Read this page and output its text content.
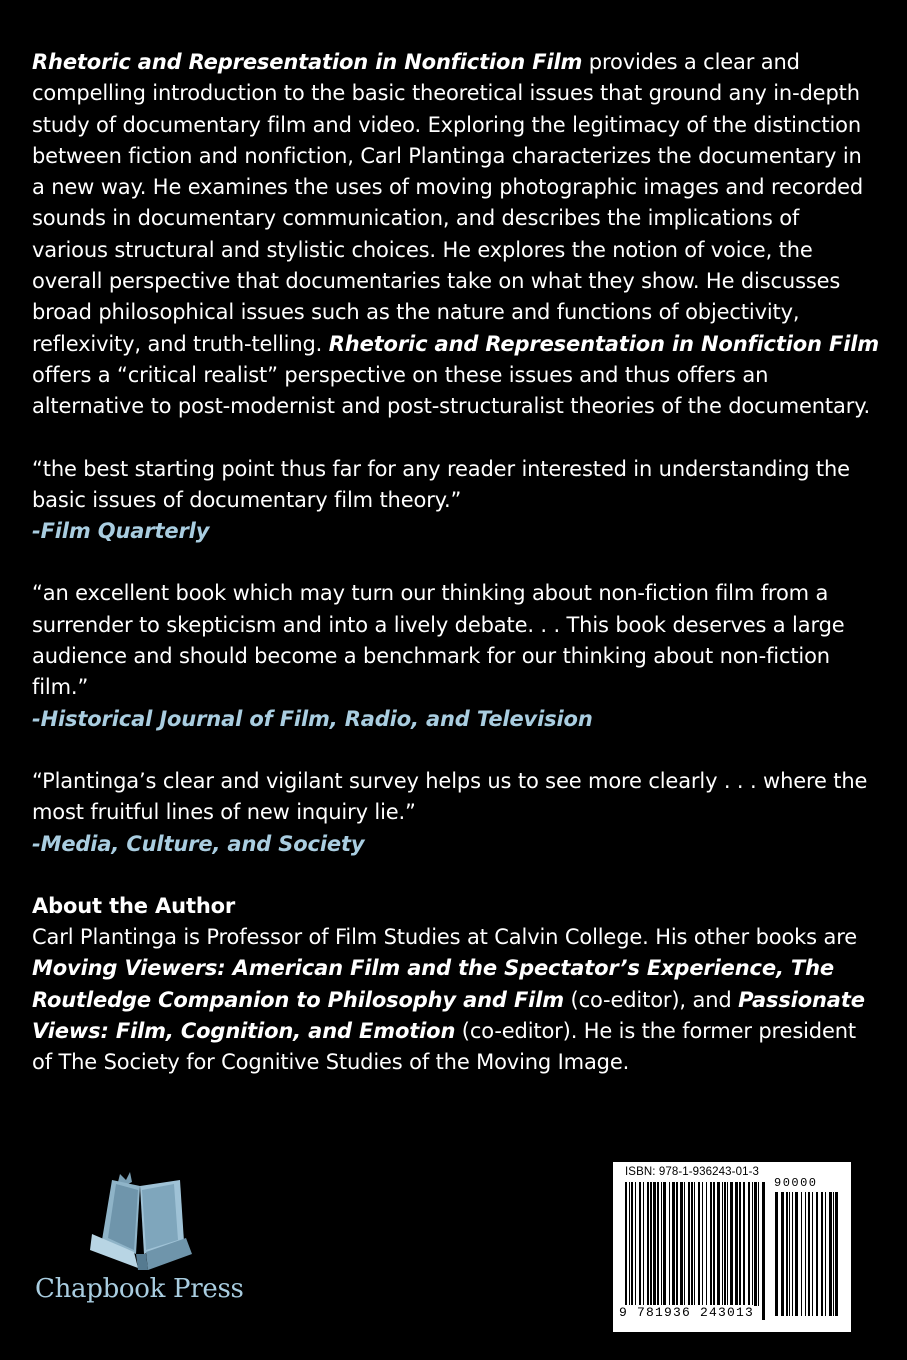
Rhetoric and Representation in Nonfiction Film provides a clear and compelling introduction to the basic theoretical issues that ground any in-depth study of documentary film and video. Exploring the legitimacy of the distinction between fiction and nonfiction, Carl Plantinga characterizes the documentary in a new way. He examines the uses of moving photographic images and recorded sounds in documentary communication, and describes the implications of various structural and stylistic choices. He explores the notion of voice, the overall perspective that documentaries take on what they show. He discusses broad philosophical issues such as the nature and functions of objectivity, reflexivity, and truth-telling. Rhetoric and Representation in Nonfiction Film offers a “critical realist” perspective on these issues and thus offers an alternative to post-modernist and post-structuralist theories of the documentary.

“the best starting point thus far for any reader interested in understanding the basic issues of documentary film theory.”

-Film Quarterly

“an excellent book which may turn our thinking about non-fiction film from a surrender to skepticism and into a lively debate. . . This book deserves a large audience and should become a benchmark for our thinking about non-fiction film.”

-Historical Journal of Film, Radio, and Television

“Plantinga’s clear and vigilant survey helps us to see more clearly . . . where the most fruitful lines of new inquiry lie.”

-Media, Culture, and Society

About the Author

Carl Plantinga is Professor of Film Studies at Calvin College. His other books are Moving Viewers: American Film and the Spectator’s Experience, The Routledge Companion to Philosophy and Film (co-editor), and Passionate Views: Film, Cognition, and Emotion (co-editor). He is the former president of The Society for Cognitive Studies of the Moving Image.

Chapbook Press
ISBN: 978-1-936243-01-3
90000
9 781936 243013
